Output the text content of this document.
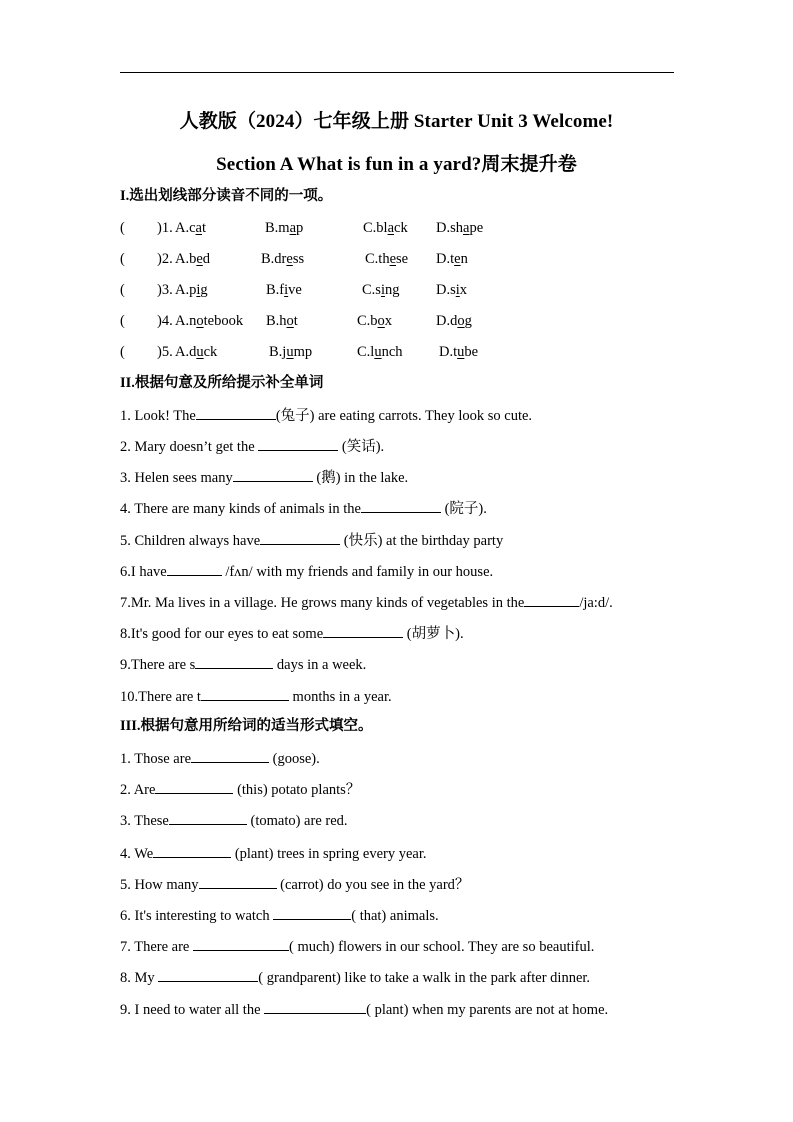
人教版（2024）七年级上册 Starter Unit 3 Welcome!
Section A What is fun in a yard?周末提升卷
I.选出划线部分读音不同的一项。
( )1. A.cat	B.map	C.black D.shape
( )2. A.bed	B.dress	C.these D.ten
( )3. A.pig	B.five	C.sing	D.six
( )4. A.notebook B.hot	C.box	D.dog
( )5. A.duck	B.jump	C.lunch	D.tube
II.根据句意及所给提示补全单词
1. Look! The	(兔子) are eating carrots. They look so cute.
2. Mary doesn’t get the	(笑话).
3. Helen sees many	(鹅) in the lake.
4. There are many kinds of animals in the	(院子).
5. Children always have	(快乐) at the birthday party
6.I have	/fʌn/ with my friends and family in our house.
7.Mr. Ma lives in a village. He grows many kinds of vegetables in the	/ja:d/.
8.It's good for our eyes to eat some	(胡萝卜).
9.There are s	days in a week.
10.There are t	months in a year.
III.根据句意用所给词的适当形式填空。
1. Those are	(goose).
2. Are	(this) potato plants？
3. These	(tomato) are red.
4. We	(plant) trees in spring every year.
5. How many	(carrot) do you see in the yard？
6. It's interesting to watch	( that) animals.
7. There are	( much) flowers in our school. They are so beautiful.
8. My	( grandparent) like to take a walk in the park after dinner.
9. I need to water all the	( plant) when my parents are not at home.
